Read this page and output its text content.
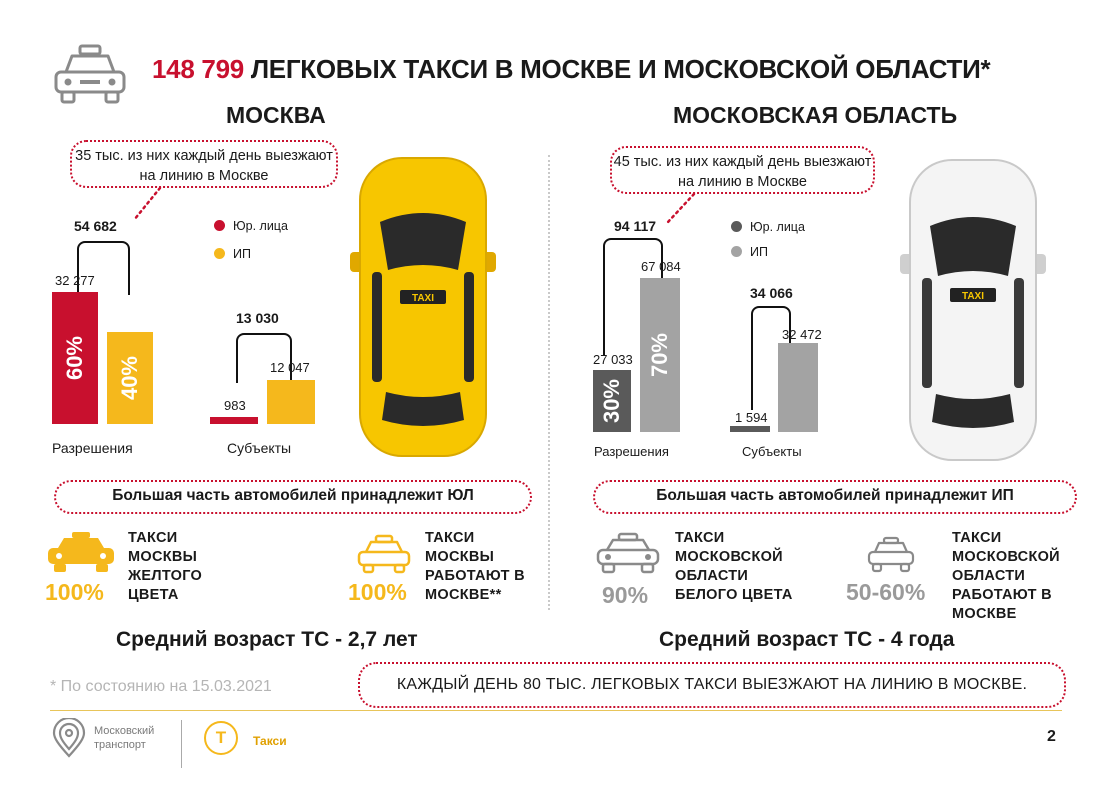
148 799 ЛЕГКОВЫХ ТАКСИ В МОСКВЕ И МОСКОВСКОЙ ОБЛАСТИ*
МОСКВА	МОСКОВСКАЯ ОБЛАСТЬ
35 тыс. из них каждый день выезжают на линию в Москве
Юр. лица
ИП
54 682
32 277
60% 40%
Разрешения
13 030
983
12 047
Субъекты
TAXI
45 тыс. из них каждый день выезжают на линию в Москве
Юр. лица
ИП
94 117
27 033
67 084
30%
70%
Разрешения
34 066
1 594
32 472
Субъекты
TAXI
Большая часть автомобилей принадлежит ЮЛ	Большая часть автомобилей принадлежит ИП
100%
ТАКСИ МОСКВЫ ЖЕЛТОГО ЦВЕТА	100%
ТАКСИ МОСКВЫ РАБОТАЮТ В МОСКВЕ**	90%
ТАКСИ МОСКОВСКОЙ ОБЛАСТИ БЕЛОГО ЦВЕТА	50-60%
ТАКСИ МОСКОВСКОЙ ОБЛАСТИ РАБОТАЮТ В МОСКВЕ
Средний возраст ТС - 2,7 лет	Средний возраст ТС - 4 года
* По состоянию на 15.03.2021	КАЖДЫЙ ДЕНЬ 80 ТЫС. ЛЕГКОВЫХ ТАКСИ ВЫЕЗЖАЮТ НА ЛИНИЮ В МОСКВЕ.
Московский
транспорт	Т	Такси	2
